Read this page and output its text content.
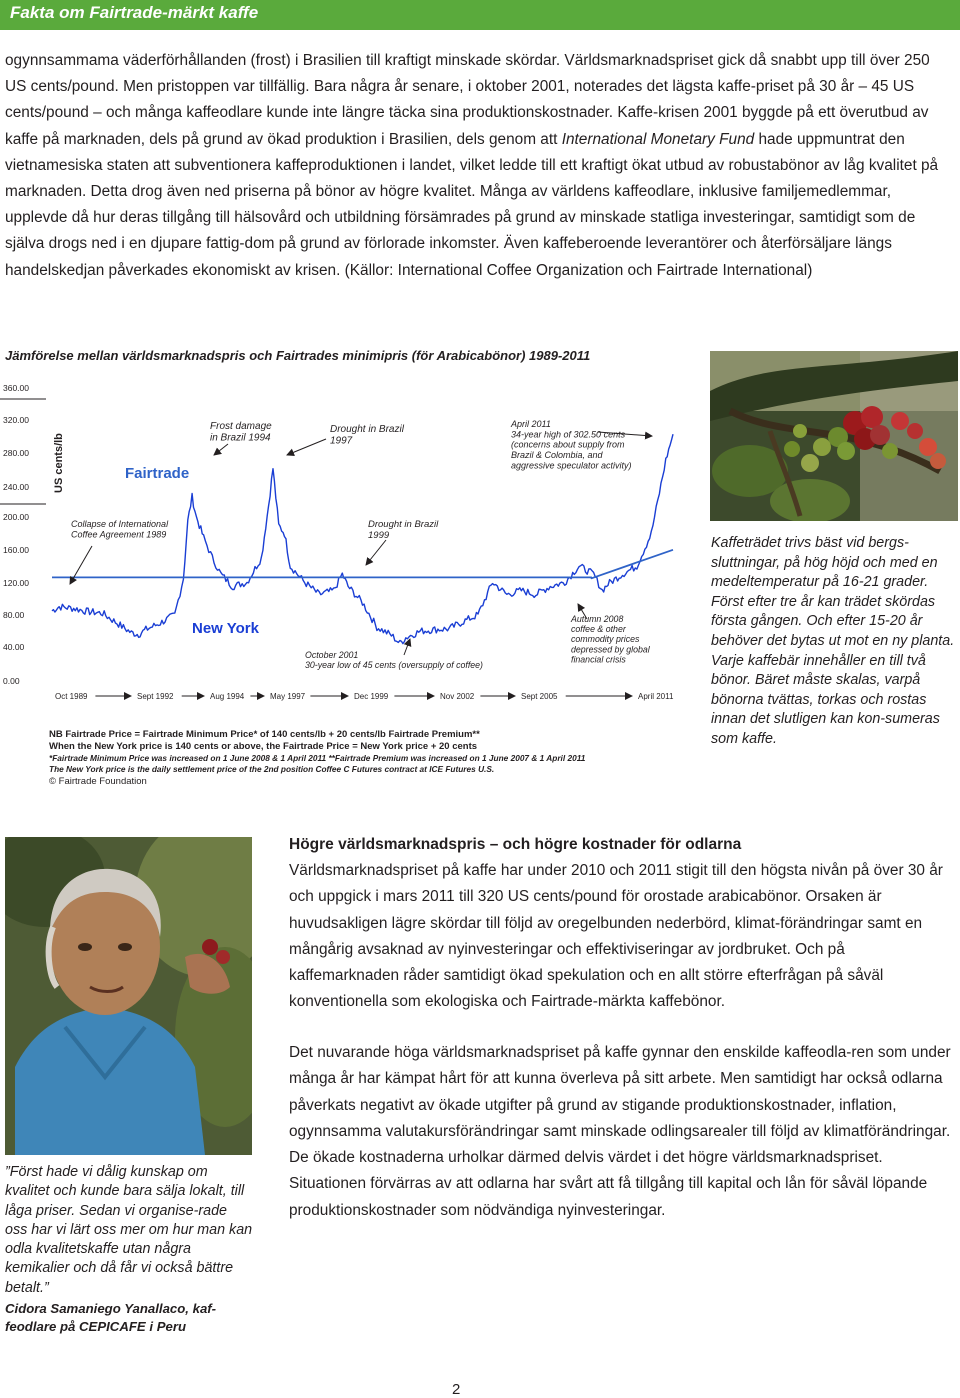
Fakta om Fairtrade-märkt kaffe

ogynnsammama väderförhållanden (frost) i Brasilien till kraftigt minskade skördar. Världsmarknadspriset gick då snabbt upp till över 250 US cents/pound. Men pristoppen var tillfällig. Bara några år senare, i oktober 2001, noterades det lägsta kaffe-priset på 30 år – 45 US cents/pound – och många kaffeodlare kunde inte längre täcka sina produktionskostnader. Kaffe-krisen 2001 byggde på ett överutbud av kaffe på marknaden, dels på grund av ökad produktion i Brasilien, dels genom att International Monetary Fund hade uppmuntrat den vietnamesiska staten att subventionera kaffeproduktionen i landet, vilket ledde till ett kraftigt ökat utbud av robustabönor av låg kvalitet på marknaden. Detta drog även ned priserna på bönor av högre kvalitet. Många av världens kaffeodlare, inklusive familjemedlemmar, upplevde då hur deras tillgång till hälsovård och utbildning försämrades på grund av minskade statliga investeringar, samtidigt som de själva drogs ned i en djupare fattig-dom på grund av förlorade inkomster. Även kaffeberoende leverantörer och återförsäljare längs handelskedjan påverkades ekonomiskt av krisen. (Källor: International Coffee Organization och Fairtrade International)

Jämförelse mellan världsmarknadspris och Fairtrades minimipris (för Arabicabönor) 1989-2011
360.00
320.00
280.00
240.00
200.00
160.00
120.00
80.00
40.00
0.00
Oct 1989	Sept 1992	Aug 1994	May 1997	Dec 1999	Nov 2002	Sept 2005	April 2011
US cents/lb	Fairtrade
New York
Frost damage in Brazil 1994
Drought in Brazil 1997
April 2011 34-year high of 302.50 cents (concerns about supply from Brazil & Colombia, and aggressive speculator activity)
Collapse of International Coffee Agreement 1989
Drought in Brazil 1999
October 2001 30-year low of 45 cents (oversupply of coffee)
Autumn 2008 coffee & other commodity prices depressed by global financial crisis
NB Fairtrade Price = Fairtrade Minimum Price* of 140 cents/lb + 20 cents/lb Fairtrade Premium**
When the New York price is 140 cents or above, the Fairtrade Price = New York price + 20 cents
*Fairtrade Minimum Price was increased on 1 June 2008 & 1 April 2011 **Fairtrade Premium was increased on 1 June 2007 & 1 April 2011
The New York price is the daily settlement price of the 2nd position Coffee C Futures contract at ICE Futures U.S.
© Fairtrade Foundation
Kaffeträdet trivs bäst vid bergs-sluttningar, på hög höjd och med en medeltemperatur på 16-21 grader. Först efter tre år kan trädet skördas första gången. Och efter 15-20 år behöver det bytas ut mot en ny planta. Varje kaffebär innehåller en till två bönor. Bäret måste skalas, varpå bönorna tvättas, torkas och rostas innan det slutligen kan kon-sumeras som kaffe.

”Först hade vi dålig kunskap om kvalitet och kunde bara sälja lokalt, till låga priser. Sedan vi organise-rade oss har vi lärt oss mer om hur man kan odla kvalitetskaffe utan några kemikalier och då får vi också bättre betalt.”

Cidora Samaniego Yanallaco, kaf-feodlare på CEPICAFE i Peru

Högre världsmarknadspris – och högre kostnader för odlarna

Världsmarknadspriset på kaffe har under 2010 och 2011 stigit till den högsta nivån på över 30 år och uppgick i mars 2011 till 320 US cents/pound för orostade arabicabönor. Orsaken är huvudsakligen lägre skördar till följd av oregelbunden nederbörd, klimat-förändringar samt en mångårig avsaknad av nyinvesteringar och effektiviseringar av jordbruket. Och på kaffemarknaden råder samtidigt ökad spekulation och en allt större efterfrågan på såväl konventionella som ekologiska och Fairtrade-märkta kaffebönor.

Det nuvarande höga världsmarknadspriset på kaffe gynnar den enskilde kaffeodla-ren som under många år har kämpat hårt för att kunna överleva på sitt arbete. Men samtidigt har också odlarna påverkats negativt av ökade utgifter på grund av stigande produktionskostnader, inflation, ogynnsamma valutakursförändringar samt minskade odlingsarealer till följd av klimatförändringar. De ökade kostnaderna urholkar därmed delvis värdet i det högre världsmarknadspriset. Situationen förvärras av att odlarna har svårt att få tillgång till kapital och lån för såväl löpande produktionskostnader som nödvändiga nyinvesteringar.

2
